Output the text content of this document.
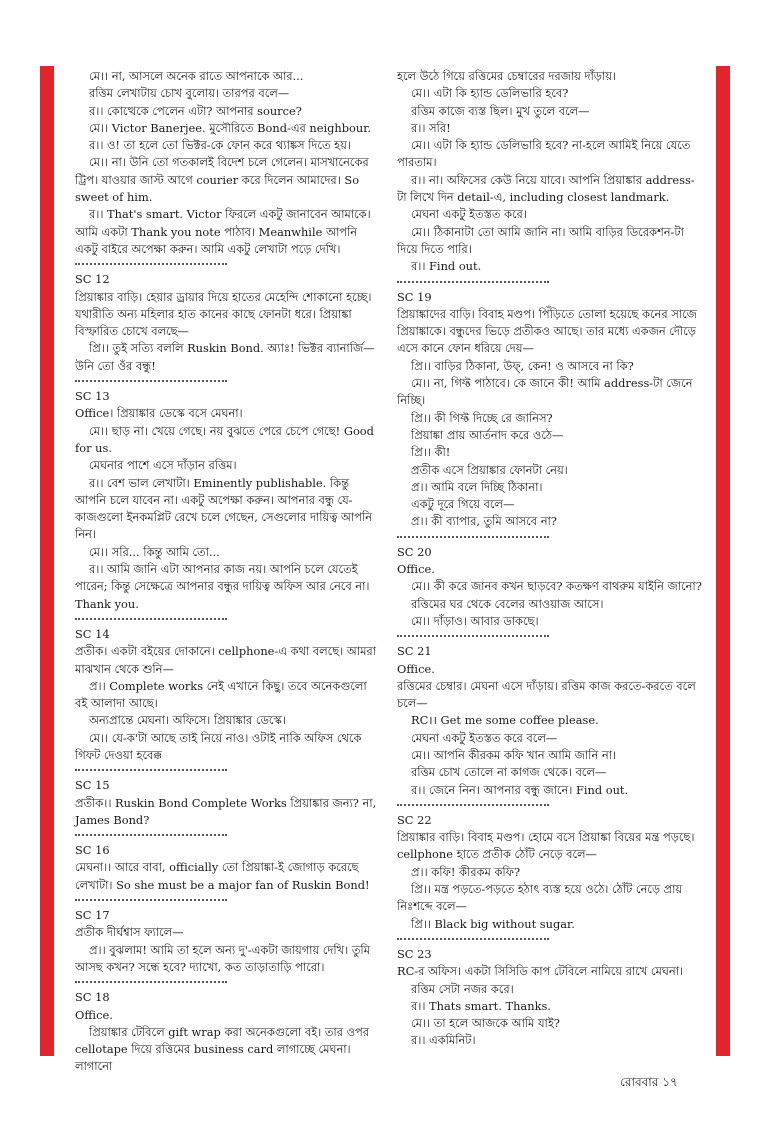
মে।। না, আসলে অনেক রাতে আপনাকে আর...

রত্তিম লেখাটায় চোখ বুলোয়। তারপর বলে—

র।। কোত্থেকে পেলেন এটা? আপনার source?

মে।। Victor Banerjee. মুসৌরিতে Bond-এর neighbour.

র।। ও! তা হলে তো ভিক্টর-কে ফোন করে থ্যাঙ্কস দিতে হয়।

মে।। না। উনি তো গতকালই বিদেশ চলে গেলেন। মাসখানেকের ট্রিপ। যাওয়ার জাস্ট আগে courier করে দিলেন আমাদের। So sweet of him.

র।। That's smart. Victor ফিরলে একটু জানাবেন আমাকে। আমি একটা Thank you note পাঠাব। Meanwhile আপনি একটু বাইরে অপেক্ষা করুন। আমি একটু লেখাটা পড়ে দেখি।

SC 12

প্রিয়াঙ্কার বাড়ি। হেয়ার ড্রায়ার দিয়ে হাতের মেহেন্দি শোকানো হচ্ছে। যথারীতি অন্য মহিলার হাত কানের কাছে ফোনটা ধরে। প্রিয়াঙ্কা বিস্ফারিত চোখে বলছে—

প্রি।। তুই সত্যি বললি Ruskin Bond. অ্যাঃ! ভিক্টর ব্যানার্জি—উনি তো ওঁর বন্ধু!

SC 13

Office। প্রিয়াঙ্কার ডেস্কে বসে মেঘনা।

মে।। ছাড় না। খেয়ে গেছে। নয় বুঝতে পেরে চেপে গেছে! Good for us.

মেঘনার পাশে এসে দাঁড়ান রত্তিম।

র।। বেশ ভাল লেখাটা। Eminently publishable. কিন্তু আপনি চলে যাবেন না। একটু অপেক্ষা করুন। আপনার বন্ধু যে-কাজগুলো ইনকমপ্লিট রেখে চলে গেছেন, সেগুলোর দায়িত্ব আপনি নিন।

মে।। সরি... কিন্তু আমি তো...

র।। আমি জানি এটা আপনার কাজ নয়। আপনি চলে যেতেই পারেন; কিন্তু সেক্ষেত্রে আপনার বন্ধুর দায়িত্ব অফিস আর নেবে না। Thank you.

SC 14

প্রতীক। একটা বইয়ের দোকানে। cellphone-এ কথা বলছে। আমরা মাঝখান থেকে শুনি—

প্র।। Complete works নেই এখানে কিছু। তবে অনেকগুলো বই আলাদা আছে।

অন্যপ্রান্তে মেঘনা। অফিসে। প্রিয়াঙ্কার ডেস্কে।

মে।। যে-ক'টা আছে তাই নিয়ে নাও। ওটাই নাকি অফিস থেকে গিফট দেওয়া হবেক্ক

SC 15

প্রতীক।। Ruskin Bond Complete Works প্রিয়াঙ্কার জন্য? না, James Bond?

SC 16

মেঘনা।। আরে বাবা, officially তো প্রিয়াঙ্কা-ই জোগাড় করেছে লেখাটা। So she must be a major fan of Ruskin Bond!

SC 17

প্রতীক দীর্ঘশ্বাস ফ্যালে—

প্র।। বুঝলাম! আমি তা হলে অন্য দু'-একটা জায়গায় দেখি। তুমি আসছ কখন? সন্ধে হবে? দ্যাখো, কত তাড়াতাড়ি পারো।

SC 18

Office.

প্রিয়াঙ্কার টেবিলে gift wrap করা অনেকগুলো বই। তার ওপর cellotape দিয়ে রত্তিমের business card লাগাচ্ছে মেঘনা। লাগানো

হলে উঠে গিয়ে রত্তিমের চেম্বারের দরজায় দাঁড়ায়।

মে।। এটা কি হ্যান্ড ডেলিভারি হবে?

রত্তিম কাজে ব্যস্ত ছিল। মুখ তুলে বলে—

র।। সরি!

মে।। এটা কি হ্যান্ড ডেলিভারি হবে? না-হলে আমিই নিয়ে যেতে পারতাম।

র।। না। অফিসের কেউ নিয়ে যাবে। আপনি প্রিয়াঙ্কার address-টা লিখে দিন detail-এ, including closest landmark.

মেঘনা একটু ইতস্তত করে।

মে।। ঠিকানাটা তো আমি জানি না। আমি বাড়ির ডিরেকশন-টা দিয়ে দিতে পারি।

র।। Find out.

SC 19

প্রিয়াঙ্কাদের বাড়ি। বিবাহ মণ্ডপ। পিঁড়িতে তোলা হয়েছে কনের সাজে প্রিয়াঙ্কাকে। বন্ধুদের ভিড়ে প্রতীকও আছে। তার মধ্যে একজন দৌড়ে এসে কানে ফোন ধরিয়ে দেয়—

প্রি।। বাড়ির ঠিকানা, উফ্, কেন! ও আসবে না কি?

মে।। না, গিফ্ট পাঠাবে। কে জানে কী! আমি address-টা জেনে নিচ্ছি।

প্রি।। কী গিফ্ট দিচ্ছে রে জানিস?

প্রিয়াঙ্কা প্রায় আর্তনাদ করে ওঠে—

প্রি।। কী!

প্রতীক এসে প্রিয়াঙ্কার ফোনটা নেয়।

প্র।। আমি বলে দিচ্ছি ঠিকানা।

একটু দূরে গিয়ে বলে—

প্র।। কী ব্যাপার, তুমি আসবে না?

SC 20

Office.

মে।। কী করে জানব কখন ছাড়বে? কতক্ষণ বাথরুম যাইনি জানো?

রত্তিমের ঘর থেকে বেলের আওয়াজ আসে।

মে।। দাঁড়াও। আবার ডাকছে।

SC 21

Office.

রত্তিমের চেম্বার। মেঘনা এসে দাঁড়ায়। রত্তিম কাজ করতে-করতে বলে চলে—

RC।। Get me some coffee please.

মেঘনা একটু ইতস্তত করে বলে—

মে।। আপনি কীরকম কফি খান আমি জানি না।

রত্তিম চোখ তোলে না কাগজ থেকে। বলে—

র।। জেনে নিন। আপনার বন্ধু জানে। Find out.

SC 22

প্রিয়াঙ্কার বাড়ি। বিবাহ মণ্ডপ। হোমে বসে প্রিয়াঙ্কা বিয়ের মন্ত্র পড়ছে। cellphone হাতে প্রতীক ঠোঁট নেড়ে বলে—

প্র।। কফি! কীরকম কফি?

প্রি।। মন্ত্র পড়তে-পড়তে হঠাৎ ব্যস্ত হয়ে ওঠে। ঠোঁট নেড়ে প্রায় নিঃশব্দে বলে—

প্রি।। Black big without sugar.

SC 23

RC-র অফিস। একটা সিসিডি কাপ টেবিলে নামিয়ে রাখে মেঘনা।

রত্তিম সেটা নজর করে।

র।। Thats smart. Thanks.

মে।। তা হলে আজকে আমি যাই?

র।। একমিনিট।

রোববার ১৭
